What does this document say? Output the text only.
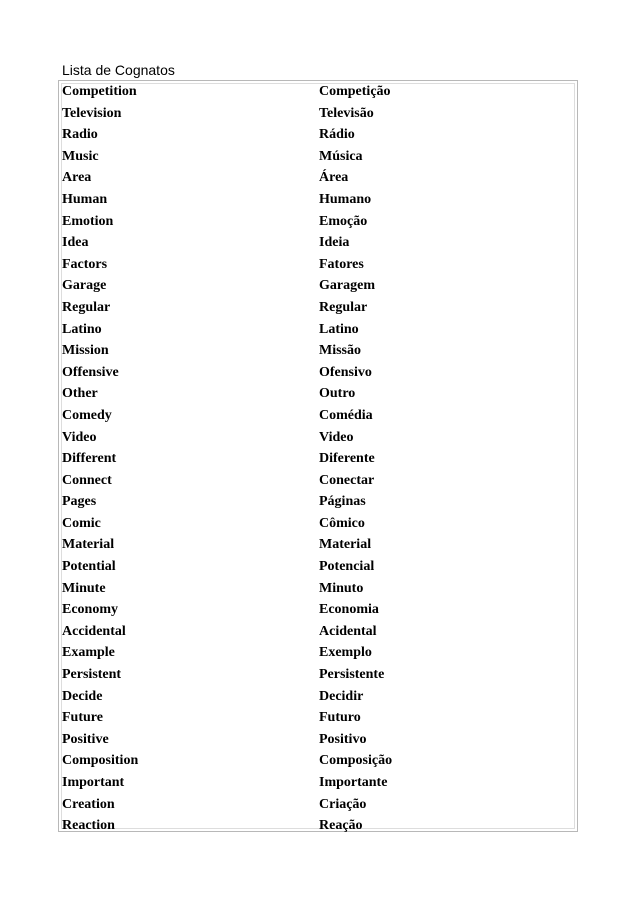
Lista de Cognatos
Competition	Competição
Television	Televisão
Radio	Rádio
Music	Música
Area	Área
Human	Humano
Emotion	Emoção
Idea	Ideia
Factors	Fatores
Garage	Garagem
Regular	Regular
Latino	Latino
Mission	Missão
Offensive	Ofensivo
Other	Outro
Comedy	Comédia
Video	Video
Different	Diferente
Connect	Conectar
Pages	Páginas
Comic	Cômico
Material	Material
Potential	Potencial
Minute	Minuto
Economy	Economia
Accidental	Acidental
Example	Exemplo
Persistent	Persistente
Decide	Decidir
Future	Futuro
Positive	Positivo
Composition	Composição
Important	Importante
Creation	Criação
Reaction	Reação
